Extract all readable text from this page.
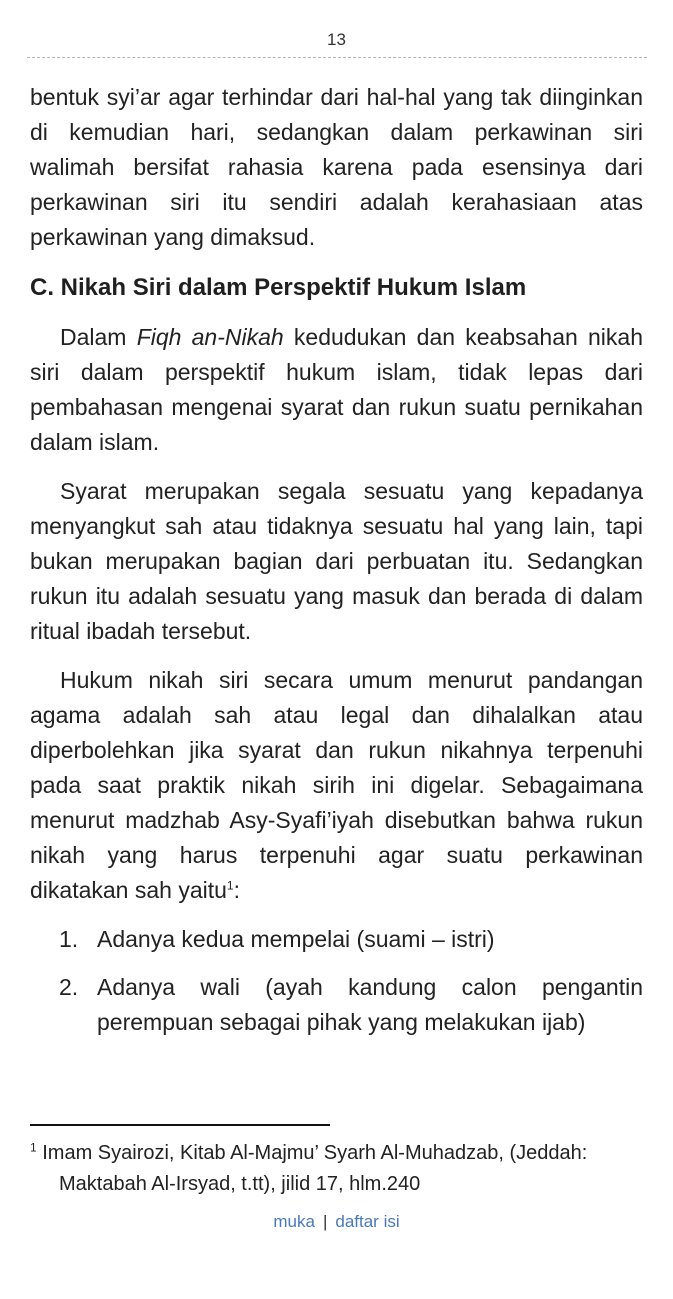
13

bentuk syi’ar agar terhindar dari hal-hal yang tak diinginkan di kemudian hari, sedangkan dalam perkawinan siri walimah bersifat rahasia karena pada esensinya dari perkawinan siri itu sendiri adalah kerahasiaan atas perkawinan yang dimaksud.

C. Nikah Siri dalam Perspektif Hukum Islam

Dalam Fiqh an-Nikah kedudukan dan keabsahan nikah siri dalam perspektif hukum islam, tidak lepas dari pembahasan mengenai syarat dan rukun suatu pernikahan dalam islam.

Syarat merupakan segala sesuatu yang kepadanya menyangkut sah atau tidaknya sesuatu hal yang lain, tapi bukan merupakan bagian dari perbuatan itu. Sedangkan rukun itu adalah sesuatu yang masuk dan berada di dalam ritual ibadah tersebut.

Hukum nikah siri secara umum menurut pandangan agama adalah sah atau legal dan dihalalkan atau diperbolehkan jika syarat dan rukun nikahnya terpenuhi pada saat praktik nikah sirih ini digelar. Sebagaimana menurut madzhab Asy-Syafi’iyah disebutkan bahwa rukun nikah yang harus terpenuhi agar suatu perkawinan dikatakan sah yaitu$^1$:

1. Adanya kedua mempelai (suami – istri)
2. Adanya wali (ayah kandung calon pengantin perempuan sebagai pihak yang melakukan ijab)
$^1$ Imam Syairozi, Kitab Al-Majmu’ Syarh Al-Muhadzab, (Jeddah:
Maktabah Al-Irsyad, t.tt), jilid 17, hlm.240
muka | daftar isi
